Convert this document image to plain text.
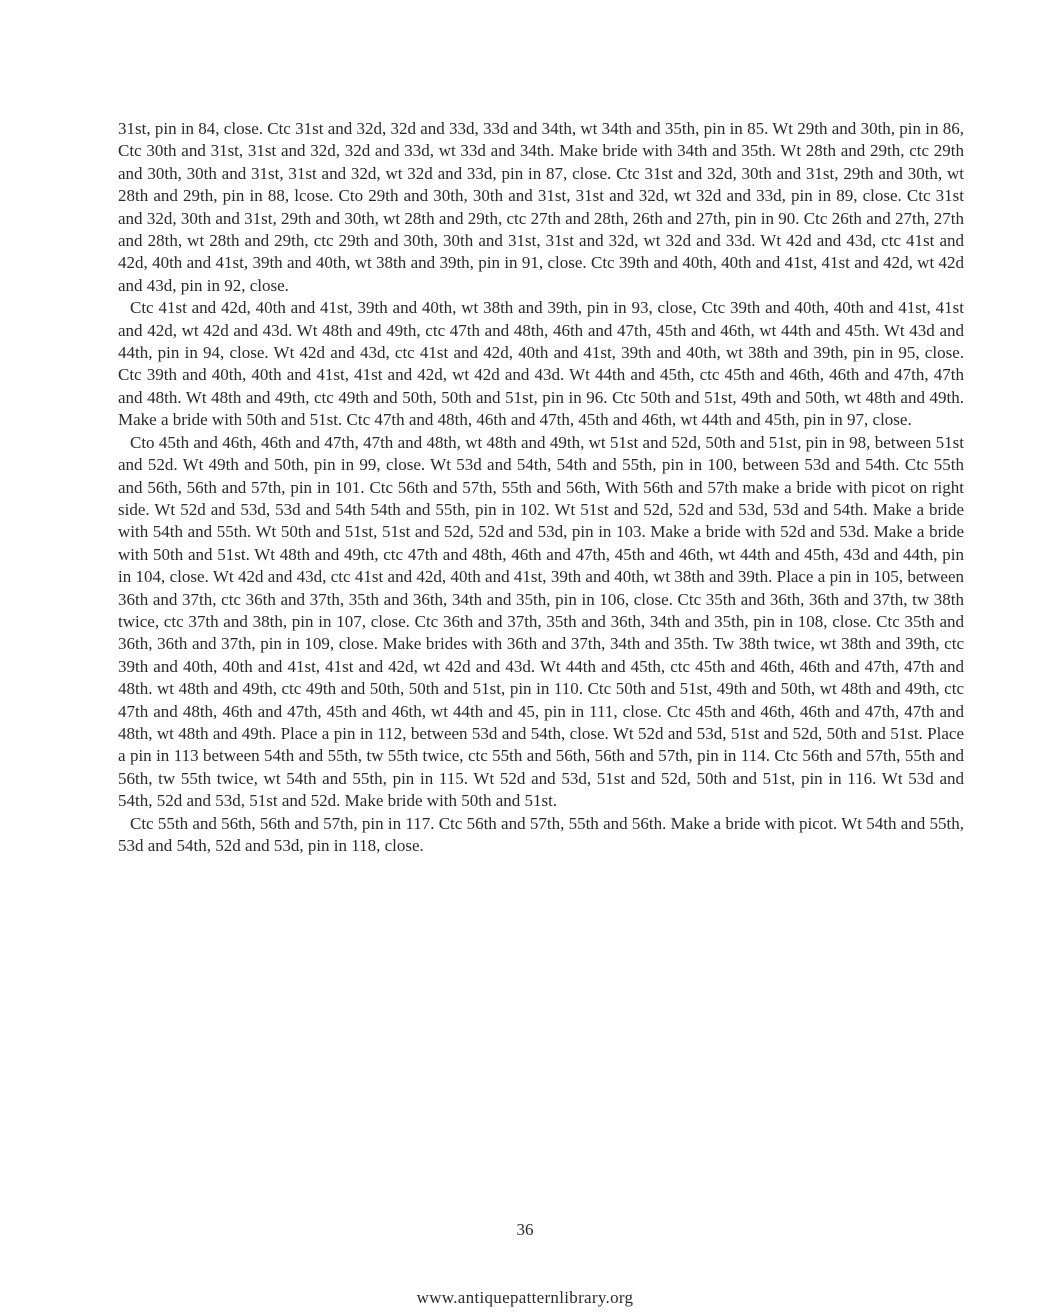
31st, pin in 84, close. Ctc 31st and 32d, 32d and 33d, 33d and 34th, wt 34th and 35th, pin in 85. Wt 29th and 30th, pin in 86, Ctc 30th and 31st, 31st and 32d, 32d and 33d, wt 33d and 34th. Make bride with 34th and 35th. Wt 28th and 29th, ctc 29th and 30th, 30th and 31st, 31st and 32d, wt 32d and 33d, pin in 87, close. Ctc 31st and 32d, 30th and 31st, 29th and 30th, wt 28th and 29th, pin in 88, lcose. Cto 29th and 30th, 30th and 31st, 31st and 32d, wt 32d and 33d, pin in 89, close. Ctc 31st and 32d, 30th and 31st, 29th and 30th, wt 28th and 29th, ctc 27th and 28th, 26th and 27th, pin in 90. Ctc 26th and 27th, 27th and 28th, wt 28th and 29th, ctc 29th and 30th, 30th and 31st, 31st and 32d, wt 32d and 33d. Wt 42d and 43d, ctc 41st and 42d, 40th and 41st, 39th and 40th, wt 38th and 39th, pin in 91, close. Ctc 39th and 40th, 40th and 41st, 41st and 42d, wt 42d and 43d, pin in 92, close.

Ctc 41st and 42d, 40th and 41st, 39th and 40th, wt 38th and 39th, pin in 93, close, Ctc 39th and 40th, 40th and 41st, 41st and 42d, wt 42d and 43d. Wt 48th and 49th, ctc 47th and 48th, 46th and 47th, 45th and 46th, wt 44th and 45th. Wt 43d and 44th, pin in 94, close. Wt 42d and 43d, ctc 41st and 42d, 40th and 41st, 39th and 40th, wt 38th and 39th, pin in 95, close. Ctc 39th and 40th, 40th and 41st, 41st and 42d, wt 42d and 43d. Wt 44th and 45th, ctc 45th and 46th, 46th and 47th, 47th and 48th. Wt 48th and 49th, ctc 49th and 50th, 50th and 51st, pin in 96. Ctc 50th and 51st, 49th and 50th, wt 48th and 49th. Make a bride with 50th and 51st. Ctc 47th and 48th, 46th and 47th, 45th and 46th, wt 44th and 45th, pin in 97, close.

Cto 45th and 46th, 46th and 47th, 47th and 48th, wt 48th and 49th, wt 51st and 52d, 50th and 51st, pin in 98, between 51st and 52d. Wt 49th and 50th, pin in 99, close. Wt 53d and 54th, 54th and 55th, pin in 100, between 53d and 54th. Ctc 55th and 56th, 56th and 57th, pin in 101. Ctc 56th and 57th, 55th and 56th, With 56th and 57th make a bride with picot on right side. Wt 52d and 53d, 53d and 54th 54th and 55th, pin in 102. Wt 51st and 52d, 52d and 53d, 53d and 54th. Make a bride with 54th and 55th. Wt 50th and 51st, 51st and 52d, 52d and 53d, pin in 103. Make a bride with 52d and 53d. Make a bride with 50th and 51st. Wt 48th and 49th, ctc 47th and 48th, 46th and 47th, 45th and 46th, wt 44th and 45th, 43d and 44th, pin in 104, close. Wt 42d and 43d, ctc 41st and 42d, 40th and 41st, 39th and 40th, wt 38th and 39th. Place a pin in 105, between 36th and 37th, ctc 36th and 37th, 35th and 36th, 34th and 35th, pin in 106, close. Ctc 35th and 36th, 36th and 37th, tw 38th twice, ctc 37th and 38th, pin in 107, close. Ctc 36th and 37th, 35th and 36th, 34th and 35th, pin in 108, close. Ctc 35th and 36th, 36th and 37th, pin in 109, close. Make brides with 36th and 37th, 34th and 35th. Tw 38th twice, wt 38th and 39th, ctc 39th and 40th, 40th and 41st, 41st and 42d, wt 42d and 43d. Wt 44th and 45th, ctc 45th and 46th, 46th and 47th, 47th and 48th. wt 48th and 49th, ctc 49th and 50th, 50th and 51st, pin in 110. Ctc 50th and 51st, 49th and 50th, wt 48th and 49th, ctc 47th and 48th, 46th and 47th, 45th and 46th, wt 44th and 45, pin in 111, close. Ctc 45th and 46th, 46th and 47th, 47th and 48th, wt 48th and 49th. Place a pin in 112, between 53d and 54th, close. Wt 52d and 53d, 51st and 52d, 50th and 51st. Place a pin in 113 between 54th and 55th, tw 55th twice, ctc 55th and 56th, 56th and 57th, pin in 114. Ctc 56th and 57th, 55th and 56th, tw 55th twice, wt 54th and 55th, pin in 115. Wt 52d and 53d, 51st and 52d, 50th and 51st, pin in 116. Wt 53d and 54th, 52d and 53d, 51st and 52d. Make bride with 50th and 51st.

Ctc 55th and 56th, 56th and 57th, pin in 117. Ctc 56th and 57th, 55th and 56th. Make a bride with picot. Wt 54th and 55th, 53d and 54th, 52d and 53d, pin in 118, close.

36
www.antiquepatternlibrary.org
